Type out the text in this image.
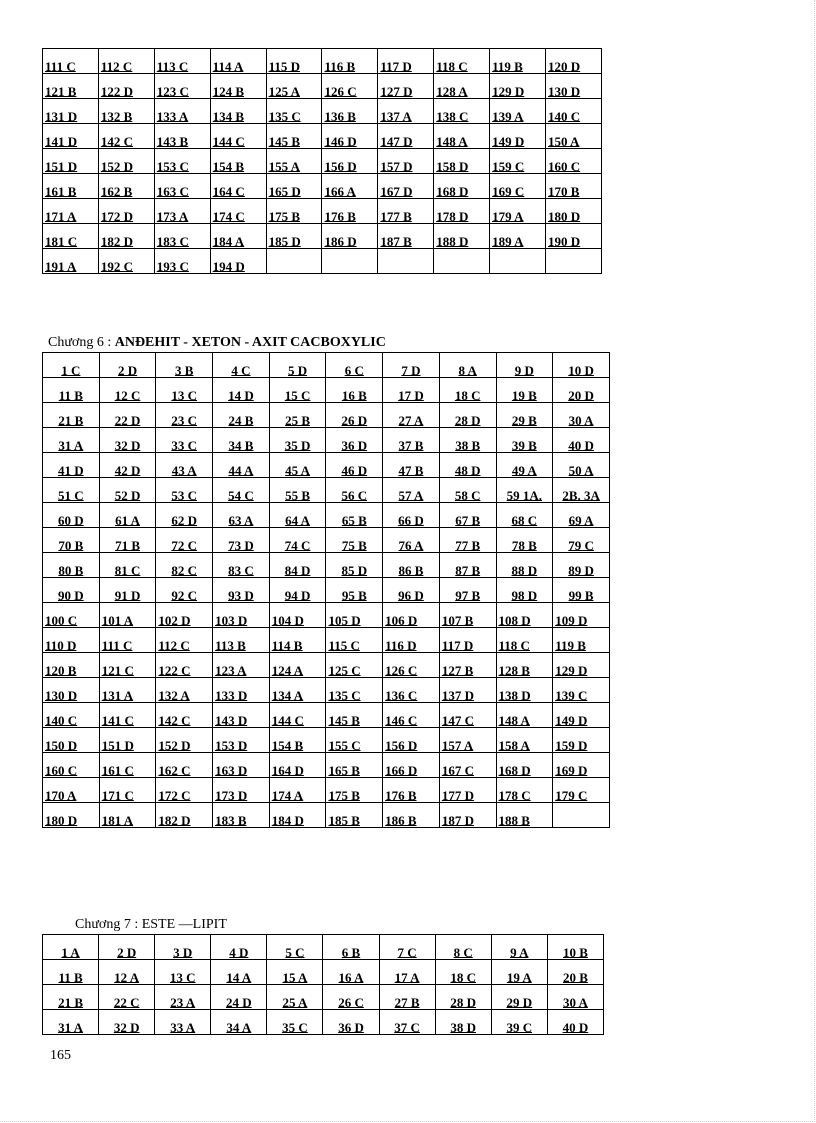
111 C	112 C	113 C	114 A	115 D	116 B	117 D	118 C	119 B	120 D

121 B	122 D	123 C	124 B	125 A	126 C	127 D	128 A	129 D	130 D

131 D	132 B	133 A	134 B	135 C	136 B	137 A	138 C	139 A	140 C

141 D	142 C	143 B	144 C	145 B	146 D	147 D	148 A	149 D	150 A

151 D	152 D	153 C	154 B	155 A	156 D	157 D	158 D	159 C	160 C

161 B	162 B	163 C	164 C	165 D	166 A	167 D	168 D	169 C	170 B

171 A	172 D	173 A	174 C	175 B	176 B	177 B	178 D	179 A	180 D

181 C	182 D	183 C	184 A	185 D	186 D	187 B	188 D	189 A	190 D

191 A	192 C	193 C	194 D						

Chương 6 : ANĐEHIT - XETON - AXIT CACBOXYLIC
1 C	2 D	3 B	4 C	5 D	6 C	7 D	8 A	9 D	10 D

11 B	12 C	13 C	14 D	15 C	16 B	17 D	18 C	19 B	20 D

21 B	22 D	23 C	24 B	25 B	26 D	27 A	28 D	29 B	30 A

31 A	32 D	33 C	34 B	35 D	36 D	37 B	38 B	39 B	40 D

41 D	42 D	43 A	44 A	45 A	46 D	47 B	48 D	49 A	50 A

51 C	52 D	53 C	54 C	55 B	56 C	57 A	58 C	59 1A.	2B. 3A

60 D	61 A	62 D	63 A	64 A	65 B	66 D	67 B	68 C	69 A

70 B	71 B	72 C	73 D	74 C	75 B	76 A	77 B	78 B	79 C

80 B	81 C	82 C	83 C	84 D	85 D	86 B	87 B	88 D	89 D

90 D	91 D	92 C	93 D	94 D	95 B	96 D	97 B	98 D	99 B

100 C	101 A	102 D	103 D	104 D	105 D	106 D	107 B	108 D	109 D

110 D	111 C	112 C	113 B	114 B	115 C	116 D	117 D	118 C	119 B

120 B	121 C	122 C	123 A	124 A	125 C	126 C	127 B	128 B	129 D

130 D	131 A	132 A	133 D	134 A	135 C	136 C	137 D	138 D	139 C

140 C	141 C	142 C	143 D	144 C	145 B	146 C	147 C	148 A	149 D

150 D	151 D	152 D	153 D	154 B	155 C	156 D	157 A	158 A	159 D

160 C	161 C	162 C	163 D	164 D	165 B	166 D	167 C	168 D	169 D

170 A	171 C	172 C	173 D	174 A	175 B	176 B	177 D	178 C	179 C

180 D	181 A	182 D	183 B	184 D	185 B	186 B	187 D	188 B	

Chương 7 : ESTE —LIPIT
1 A	2 D	3 D	4 D	5 C	6 B	7 C	8 C	9 A	10 B

11 B	12 A	13 C	14 A	15 A	16 A	17 A	18 C	19 A	20 B

21 B	22 C	23 A	24 D	25 A	26 C	27 B	28 D	29 D	30 A

31 A	32 D	33 A	34 A	35 C	36 D	37 C	38 D	39 C	40 D
165
